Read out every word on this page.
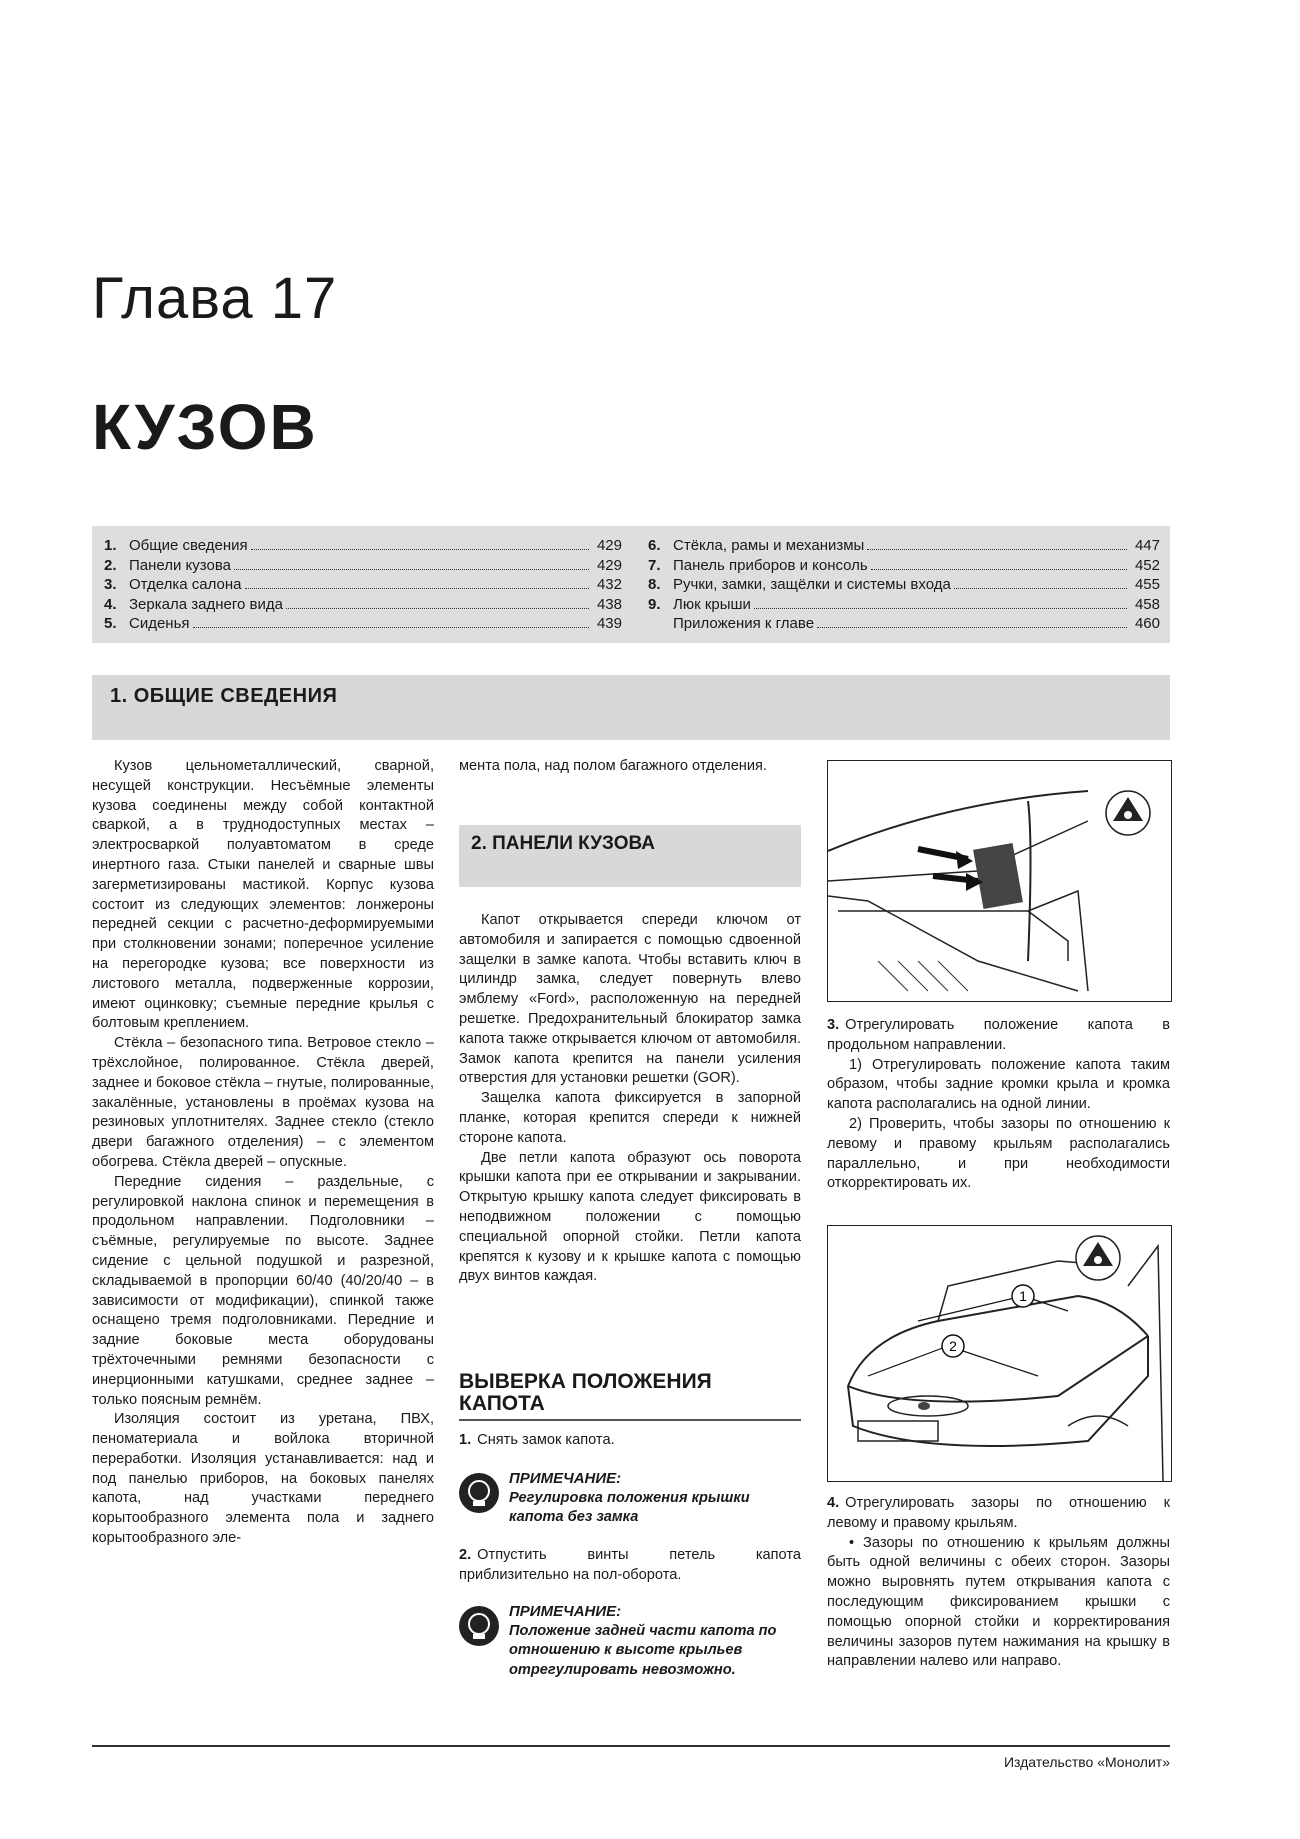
Глава 17
КУЗОВ
1. Общие сведения	429
2. Панели кузова	429
3. Отделка салона	432
4. Зеркала заднего вида	438
5. Сиденья	439
6. Стёкла, рамы и механизмы	447
7. Панель приборов и консоль	452
8. Ручки, замки, защёлки и системы входа	455
9. Люк крыши	458
Приложения к главе	460
1. ОБЩИЕ СВЕДЕНИЯ

Кузов цельнометаллический, сварной, несущей конструкции. Несъёмные элементы кузова соединены между собой контактной сваркой, а в труднодоступных местах – электросваркой полуавтоматом в среде инертного газа. Стыки панелей и сварные швы загерметизированы мастикой. Корпус кузова состоит из следующих элементов: лонжероны передней секции с расчетно-деформируемыми при столкновении зонами; поперечное усиление на перегородке кузова; все поверхности из листового металла, подверженные коррозии, имеют оцинковку; съемные передние крылья с болтовым креплением.

Стёкла – безопасного типа. Ветровое стекло – трёхслойное, полированное. Стёкла дверей, заднее и боковое стёкла – гнутые, полированные, закалённые, установлены в проёмах кузова на резиновых уплотнителях. Заднее стекло (стекло двери багажного отделения) – с элементом обогрева. Стёкла дверей – опускные.

Передние сидения – раздельные, с регулировкой наклона спинок и перемещения в продольном направлении. Подголовники – съёмные, регулируемые по высоте. Заднее сидение с цельной подушкой и разрезной, складываемой в пропорции 60/40 (40/20/40 – в зависимости от модификации), спинкой также оснащено тремя подголовниками. Передние и задние боковые места оборудованы трёхточечными ремнями безопасности с инерционными катушками, среднее заднее – только поясным ремнём.

Изоляция состоит из уретана, ПВХ, пеноматериала и войлока вторичной переработки. Изоляция устанавливается: над и под панелью приборов, на боковых панелях капота, над участками переднего корытообразного элемента пола и заднего корытообразного эле-

мента пола, над полом багажного отделения.

2. ПАНЕЛИ КУЗОВА

Капот открывается спереди ключом от автомобиля и запирается с помощью сдвоенной защелки в замке капота. Чтобы вставить ключ в цилиндр замка, следует повернуть влево эмблему «Ford», расположенную на передней решетке. Предохранительный блокиратор замка капота также открывается ключом от автомобиля. Замок капота крепится на панели усиления отверстия для установки решетки (GOR).

Защелка капота фиксируется в запорной планке, которая крепится спереди к нижней стороне капота.

Две петли капота образуют ось поворота крышки капота при ее открывании и закрывании. Открытую крышку капота следует фиксировать в неподвижном положении с помощью специальной опорной стойки. Петли капота крепятся к кузову и к крышке капота с помощью двух винтов каждая.

ВЫВЕРКА ПОЛОЖЕНИЯ КАПОТА
1. Снять замок капота.
ПРИМЕЧАНИЕ:
Регулировка положения крышки капота без замка
2. Отпустить винты петель капота приблизительно на пол-оборота.
ПРИМЕЧАНИЕ:
Положение задней части капота по отношению к высоте крыльев отрегулировать невозможно.
3. Отрегулировать положение капота в продольном направлении.

1) Отрегулировать положение капота таким образом, чтобы задние кромки крыла и кромка капота располагались на одной линии.

2) Проверить, чтобы зазоры по отношению к левому и правому крыльям располагались параллельно, и при необходимости откорректировать их.

1
2
4. Отрегулировать зазоры по отношению к левому и правому крыльям.

• Зазоры по отношению к крыльям должны быть одной величины с обеих сторон. Зазоры можно выровнять путем открывания капота с последующим фиксированием крышки с помощью опорной стойки и корректирования величины зазоров путем нажимания на крышку в направлении налево или направо.

Издательство «Монолит»
